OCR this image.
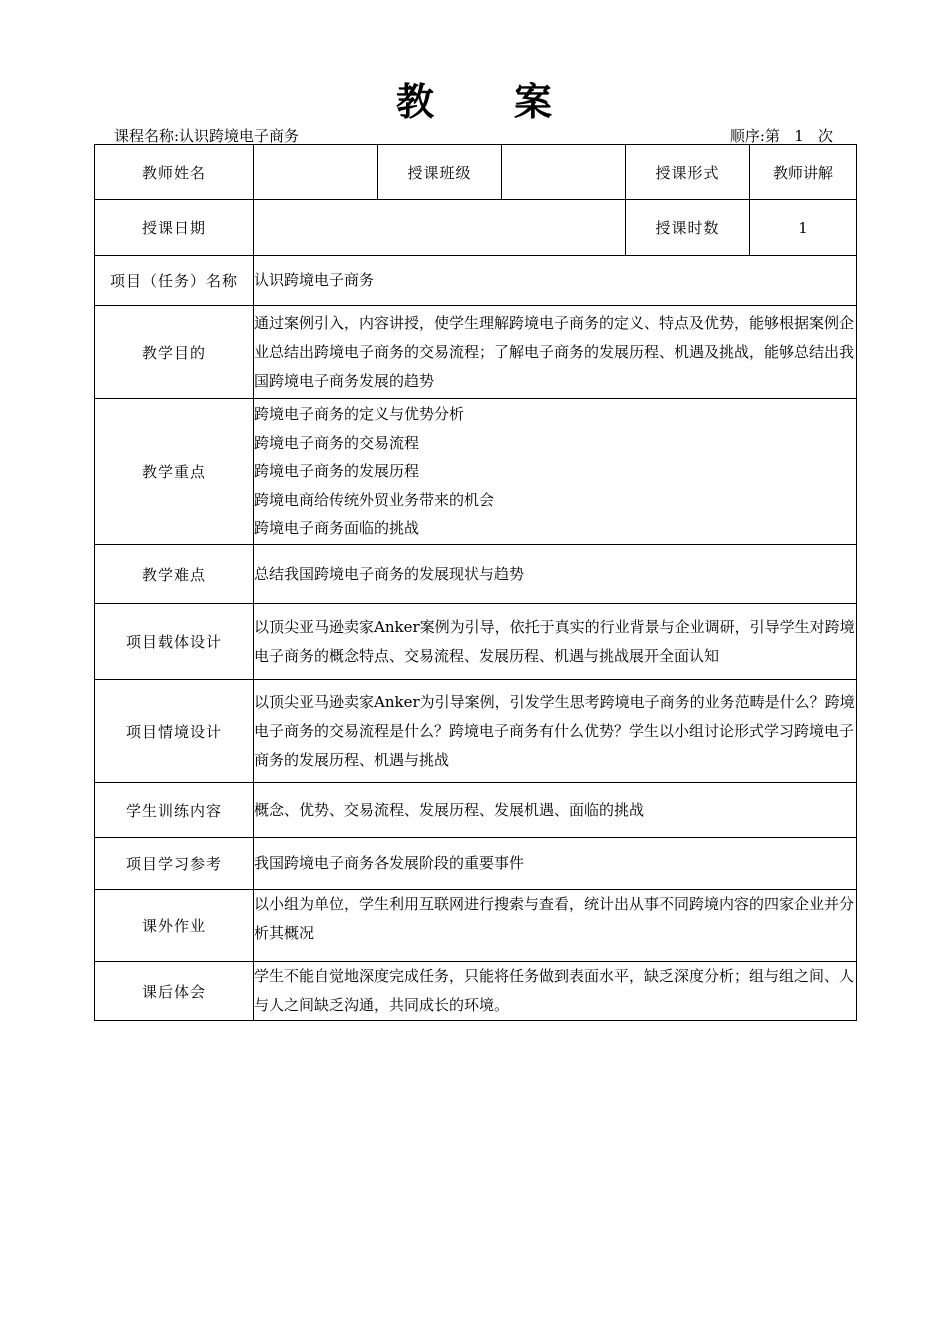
教 案
课程名称:认识跨境电子商务	顺序:第 1 次
教师姓名		授课班级		授课形式	教师讲解
授课日期				授课时数	1
项目（任务）名称	认识跨境电子商务				
教学目的	通过案例引入，内容讲授，使学生理解跨境电子商务的定义、特点及优势，能够根据案例企业总结出跨境电子商务的交易流程；了解电子商务的发展历程、机遇及挑战，能够总结出我国跨境电子商务发展的趋势				
教学重点	跨境电子商务的定义与优势分析
跨境电子商务的交易流程
跨境电子商务的发展历程
跨境电商给传统外贸业务带来的机会
跨境电子商务面临的挑战				

教学难点	总结我国跨境电子商务的发展现状与趋势				
项目载体设计	以顶尖亚马逊卖家Anker案例为引导，依托于真实的行业背景与企业调研，引导学生对跨境电子商务的概念特点、交易流程、发展历程、机遇与挑战展开全面认知				
项目情境设计	以顶尖亚马逊卖家Anker为引导案例，引发学生思考跨境电子商务的业务范畴是什么？跨境电子商务的交易流程是什么？跨境电子商务有什么优势？学生以小组讨论形式学习跨境电子商务的发展历程、机遇与挑战				
学生训练内容	概念、优势、交易流程、发展历程、发展机遇、面临的挑战				
项目学习参考	我国跨境电子商务各发展阶段的重要事件				
课外作业	以小组为单位，学生利用互联网进行搜索与查看，统计出从事不同跨境内容的四家企业并分析其概况				
课后体会	学生不能自觉地深度完成任务，只能将任务做到表面水平，缺乏深度分析；组与组之间、人与人之间缺乏沟通，共同成长的环境。				
